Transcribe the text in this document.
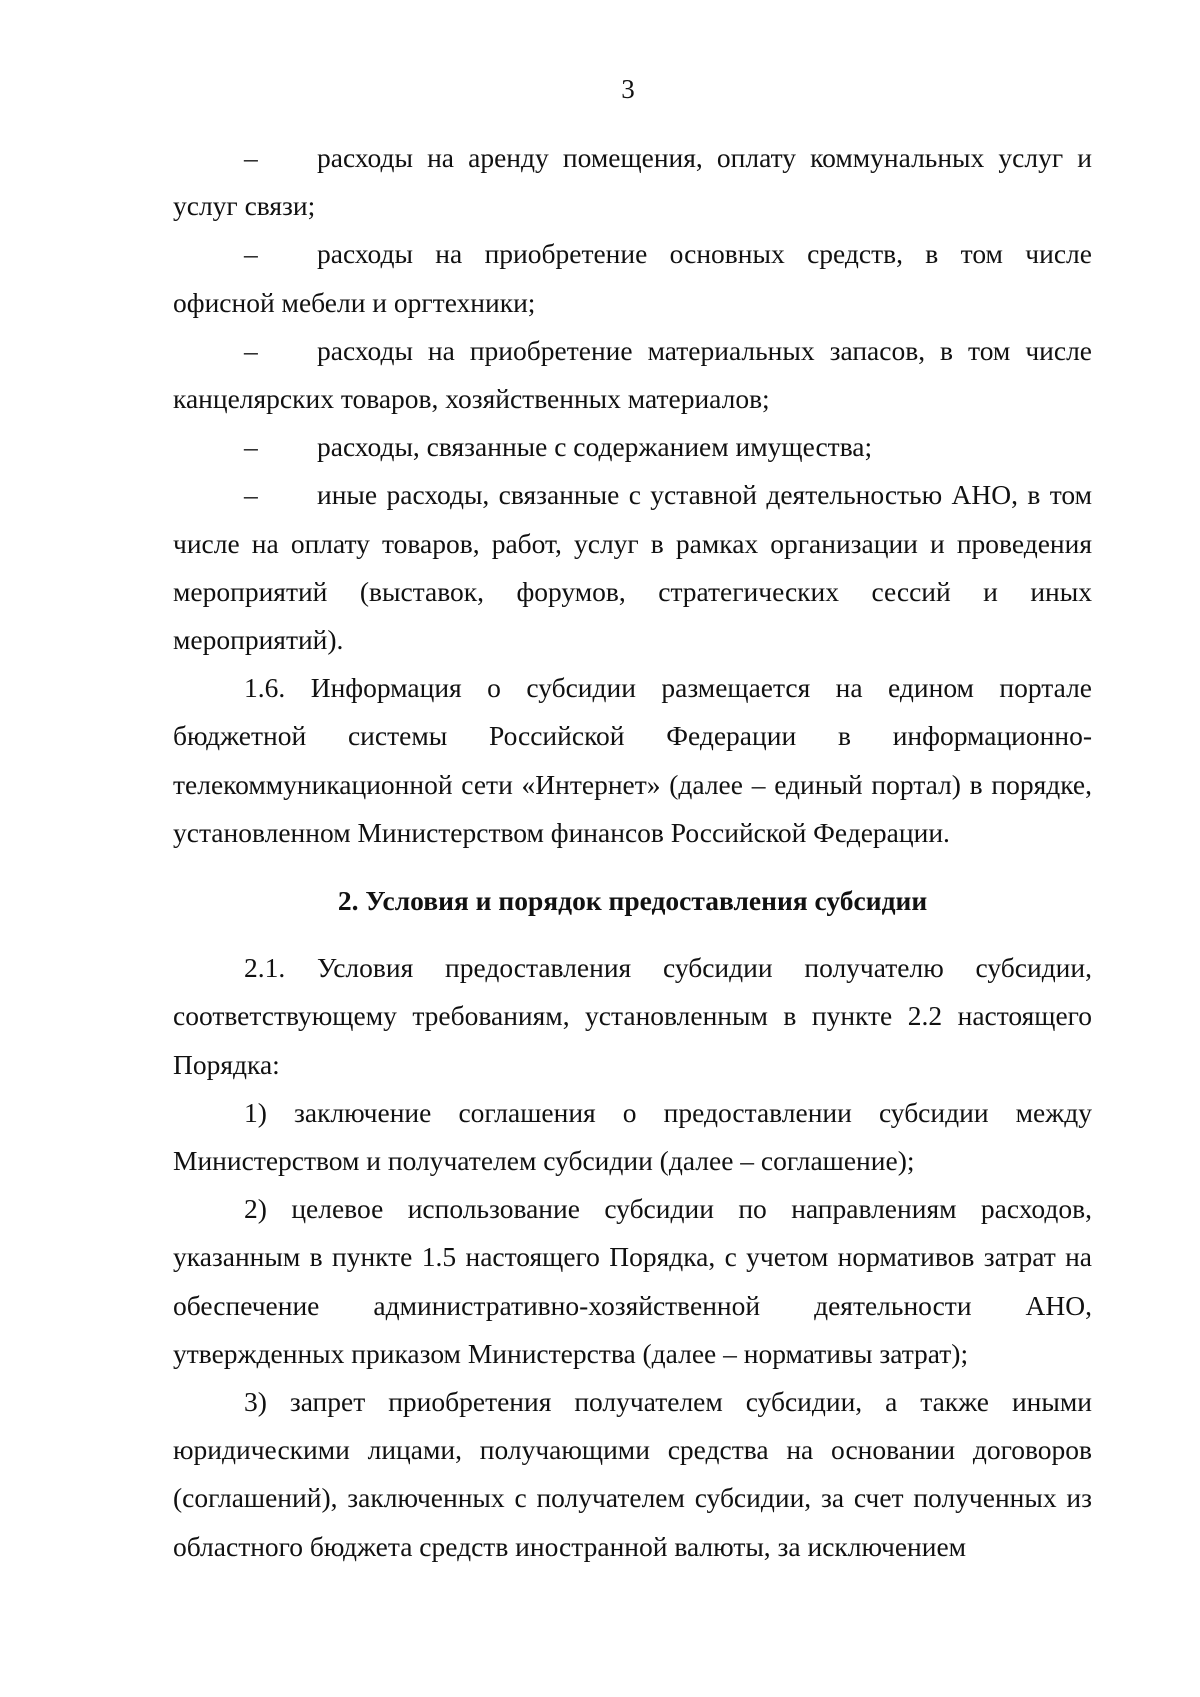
3

– расходы на аренду помещения, оплату коммунальных услуг и услуг связи;

– расходы на приобретение основных средств, в том числе офисной мебели и оргтехники;

– расходы на приобретение материальных запасов, в том числе канцелярских товаров, хозяйственных материалов;

– расходы, связанные с содержанием имущества;

– иные расходы, связанные с уставной деятельностью АНО, в том числе на оплату товаров, работ, услуг в рамках организации и проведения мероприятий (выставок, форумов, стратегических сессий и иных мероприятий).

1.6. Информация о субсидии размещается на едином портале бюджетной системы Российской Федерации в информационно-телекоммуникационной сети «Интернет» (далее – единый портал) в порядке, установленном Министерством финансов Российской Федерации.

2. Условия и порядок предоставления субсидии

2.1. Условия предоставления субсидии получателю субсидии, соответствующему требованиям, установленным в пункте 2.2 настоящего Порядка:

1) заключение соглашения о предоставлении субсидии между Министерством и получателем субсидии (далее – соглашение);

2) целевое использование субсидии по направлениям расходов, указанным в пункте 1.5 настоящего Порядка, с учетом нормативов затрат на обеспечение административно-хозяйственной деятельности АНО, утвержденных приказом Министерства (далее – нормативы затрат);

3) запрет приобретения получателем субсидии, а также иными юридическими лицами, получающими средства на основании договоров (соглашений), заключенных с получателем субсидии, за счет полученных из областного бюджета средств иностранной валюты, за исключением
